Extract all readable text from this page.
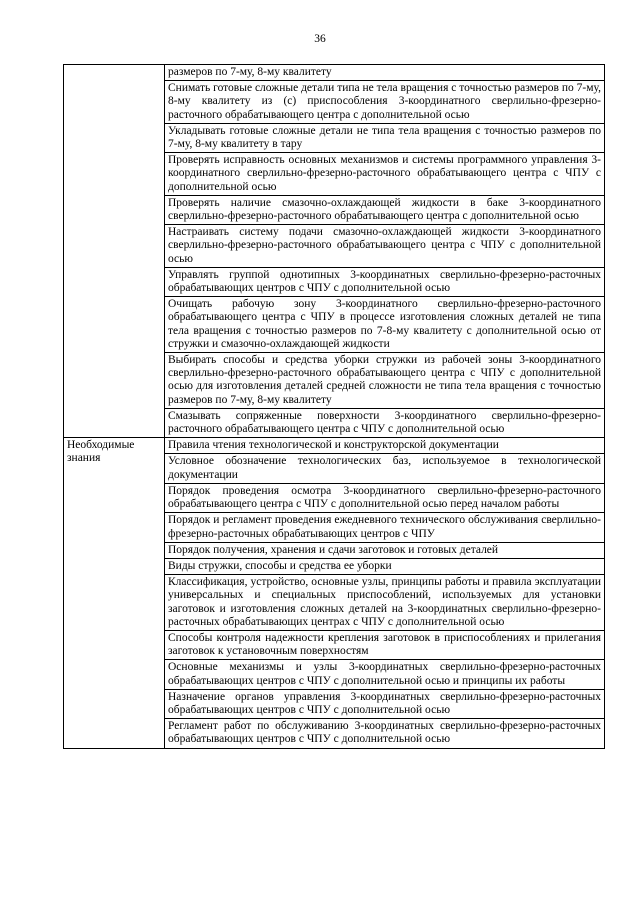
36
	размеров по 7-му, 8-му квалитету
	Снимать готовые сложные детали типа не тела вращения с точностью размеров по 7-му, 8-му квалитету из (с) приспособления 3-координатного сверлильно-фрезерно-расточного обрабатывающего центра с дополнительной осью
	Укладывать готовые сложные детали не типа тела вращения с точностью размеров по 7-му, 8-му квалитету в тару
	Проверять исправность основных механизмов и системы программного управления 3-координатного сверлильно-фрезерно-расточного обрабатывающего центра с ЧПУ с дополнительной осью
	Проверять наличие смазочно-охлаждающей жидкости в баке 3-координатного сверлильно-фрезерно-расточного обрабатывающего центра с дополнительной осью
	Настраивать систему подачи смазочно-охлаждающей жидкости 3-координатного сверлильно-фрезерно-расточного обрабатывающего центра с ЧПУ с дополнительной осью
	Управлять группой однотипных 3-координатных сверлильно-фрезерно-расточных обрабатывающих центров с ЧПУ с дополнительной осью
	Очищать рабочую зону 3-координатного сверлильно-фрезерно-расточного обрабатывающего центра с ЧПУ в процессе изготовления сложных деталей не типа тела вращения с точностью размеров по 7-8-му квалитету с дополнительной осью от стружки и смазочно-охлаждающей жидкости
	Выбирать способы и средства уборки стружки из рабочей зоны 3-координатного сверлильно-фрезерно-расточного обрабатывающего центра с ЧПУ с дополнительной осью для изготовления деталей средней сложности не типа тела вращения с точностью размеров по 7-му, 8-му квалитету
	Смазывать сопряженные поверхности 3-координатного сверлильно-фрезерно-расточного обрабатывающего центра с ЧПУ с дополнительной осью
Необходимые знания	Правила чтения технологической и конструкторской документации
	Условное обозначение технологических баз, используемое в технологической документации
	Порядок проведения осмотра 3-координатного сверлильно-фрезерно-расточного обрабатывающего центра с ЧПУ с дополнительной осью перед началом работы
	Порядок и регламент проведения ежедневного технического обслуживания сверлильно-фрезерно-расточных обрабатывающих центров с ЧПУ
	Порядок получения, хранения и сдачи заготовок и готовых деталей
	Виды стружки, способы и средства ее уборки
	Классификация, устройство, основные узлы, принципы работы и правила эксплуатации универсальных и специальных приспособлений, используемых для установки заготовок и изготовления сложных деталей на 3-координатных сверлильно-фрезерно-расточных обрабатывающих центрах с ЧПУ с дополнительной осью
	Способы контроля надежности крепления заготовок в приспособлениях и прилегания заготовок к установочным поверхностям
	Основные механизмы и узлы 3-координатных сверлильно-фрезерно-расточных обрабатывающих центров с ЧПУ с дополнительной осью и принципы их работы
	Назначение органов управления 3-координатных сверлильно-фрезерно-расточных обрабатывающих центров с ЧПУ с дополнительной осью
	Регламент работ по обслуживанию 3-координатных сверлильно-фрезерно-расточных обрабатывающих центров с ЧПУ с дополнительной осью
